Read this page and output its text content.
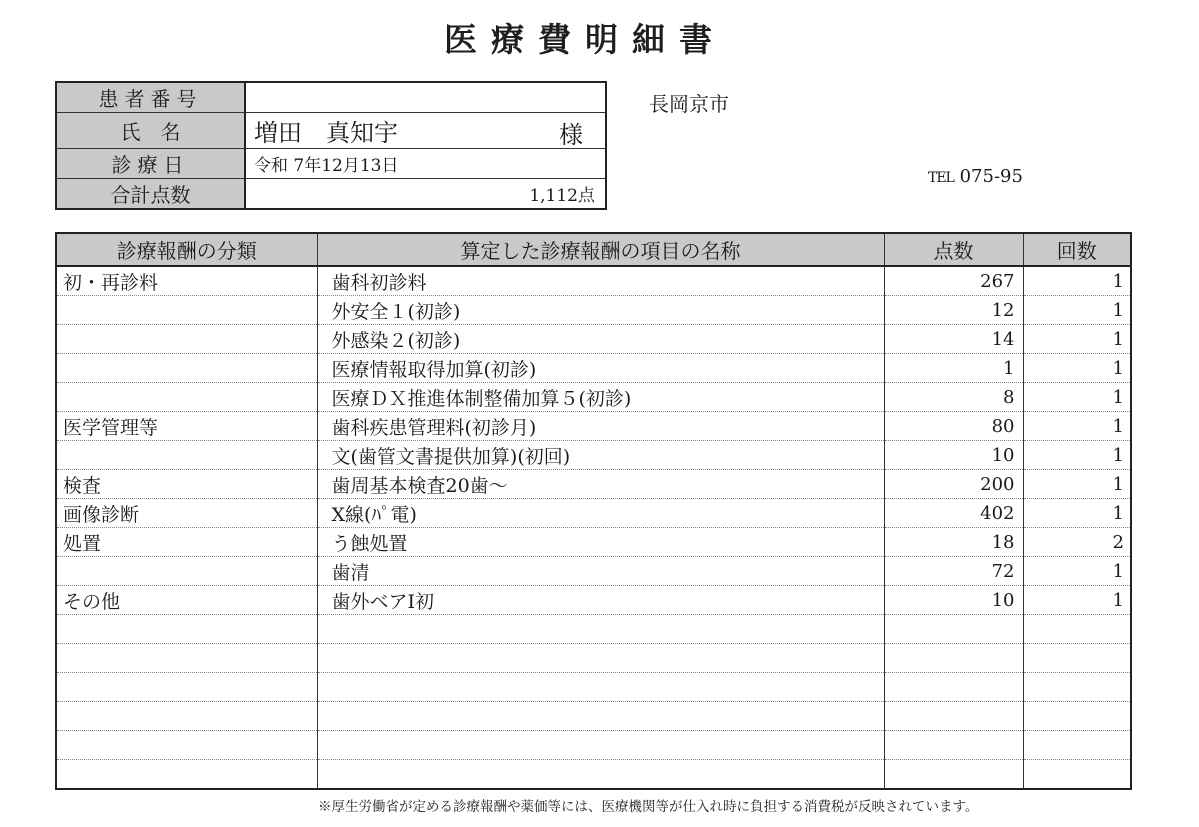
医療費明細書
患者番号	
氏　名	増田　真知宇 様

診療日	令和 7年12月13日
合計点数	1,112点
長岡京市
TEL 075-95
診療報酬の分類	算定した診療報酬の項目の名称	点数	回数
初・再診料	歯科初診料	267	1
	外安全１(初診)	12	1
	外感染２(初診)	14	1
	医療情報取得加算(初診)	1	1
	医療ＤＸ推進体制整備加算５(初診)	8	1
医学管理等	歯科疾患管理料(初診月)	80	1
	文(歯管文書提供加算)(初回)	10	1
検査	歯周基本検査20歯～	200	1
画像診断	X線(ﾊﾟ電)	402	1
処置	う蝕処置	18	2
	歯清	72	1
その他	歯外ベアⅠ初	10	1

※厚生労働省が定める診療報酬や薬価等には、医療機関等が仕入れ時に負担する消費税が反映されています。
